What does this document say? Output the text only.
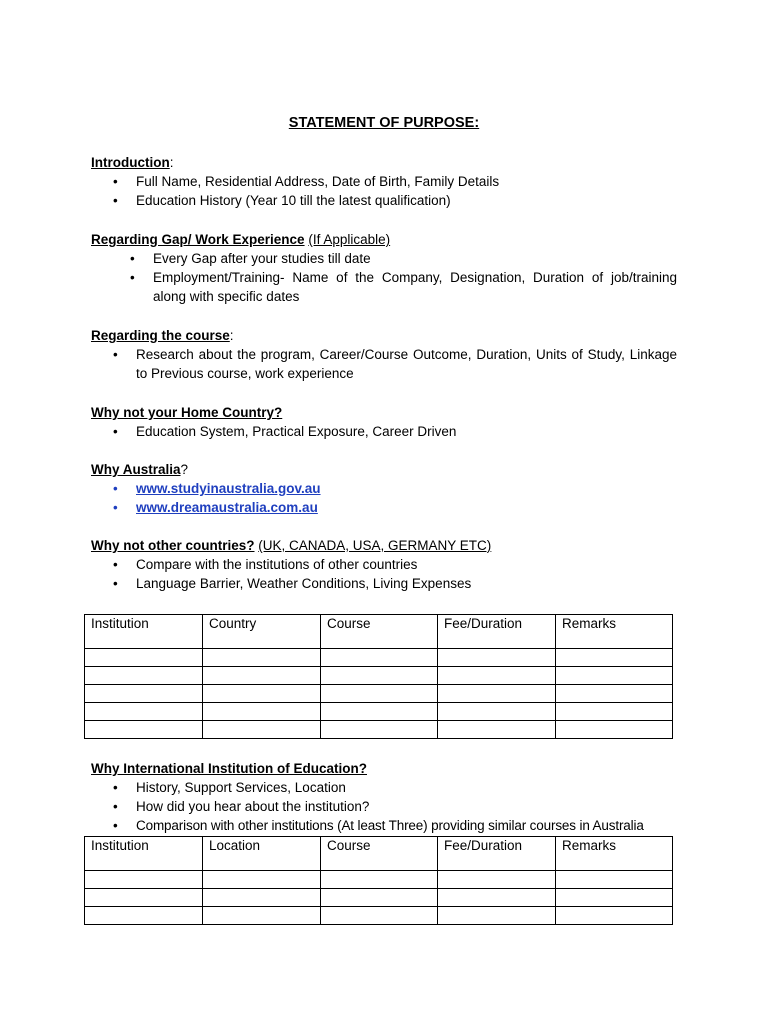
STATEMENT OF PURPOSE:
Introduction:
• Full Name, Residential Address, Date of Birth, Family Details
• Education History (Year 10 till the latest qualification)
Regarding Gap/ Work Experience (If Applicable)
• Every Gap after your studies till date
• Employment/Training- Name of the Company, Designation, Duration of job/training along with specific dates
Regarding the course:
• Research about the program, Career/Course Outcome, Duration, Units of Study, Linkage to Previous course, work experience
Why not your Home Country?
• Education System, Practical Exposure, Career Driven
Why Australia?
• www.studyinaustralia.gov.au
• www.dreamaustralia.com.au
Why not other countries? (UK, CANADA, USA, GERMANY ETC)
• Compare with the institutions of other countries
• Language Barrier, Weather Conditions, Living Expenses
Institution	Country	Course	Fee/Duration	Remarks

Why International Institution of Education?
• History, Support Services, Location
• How did you hear about the institution?
• Comparison with other institutions (At least Three) providing similar courses in Australia
Institution	Location	Course	Fee/Duration	Remarks
